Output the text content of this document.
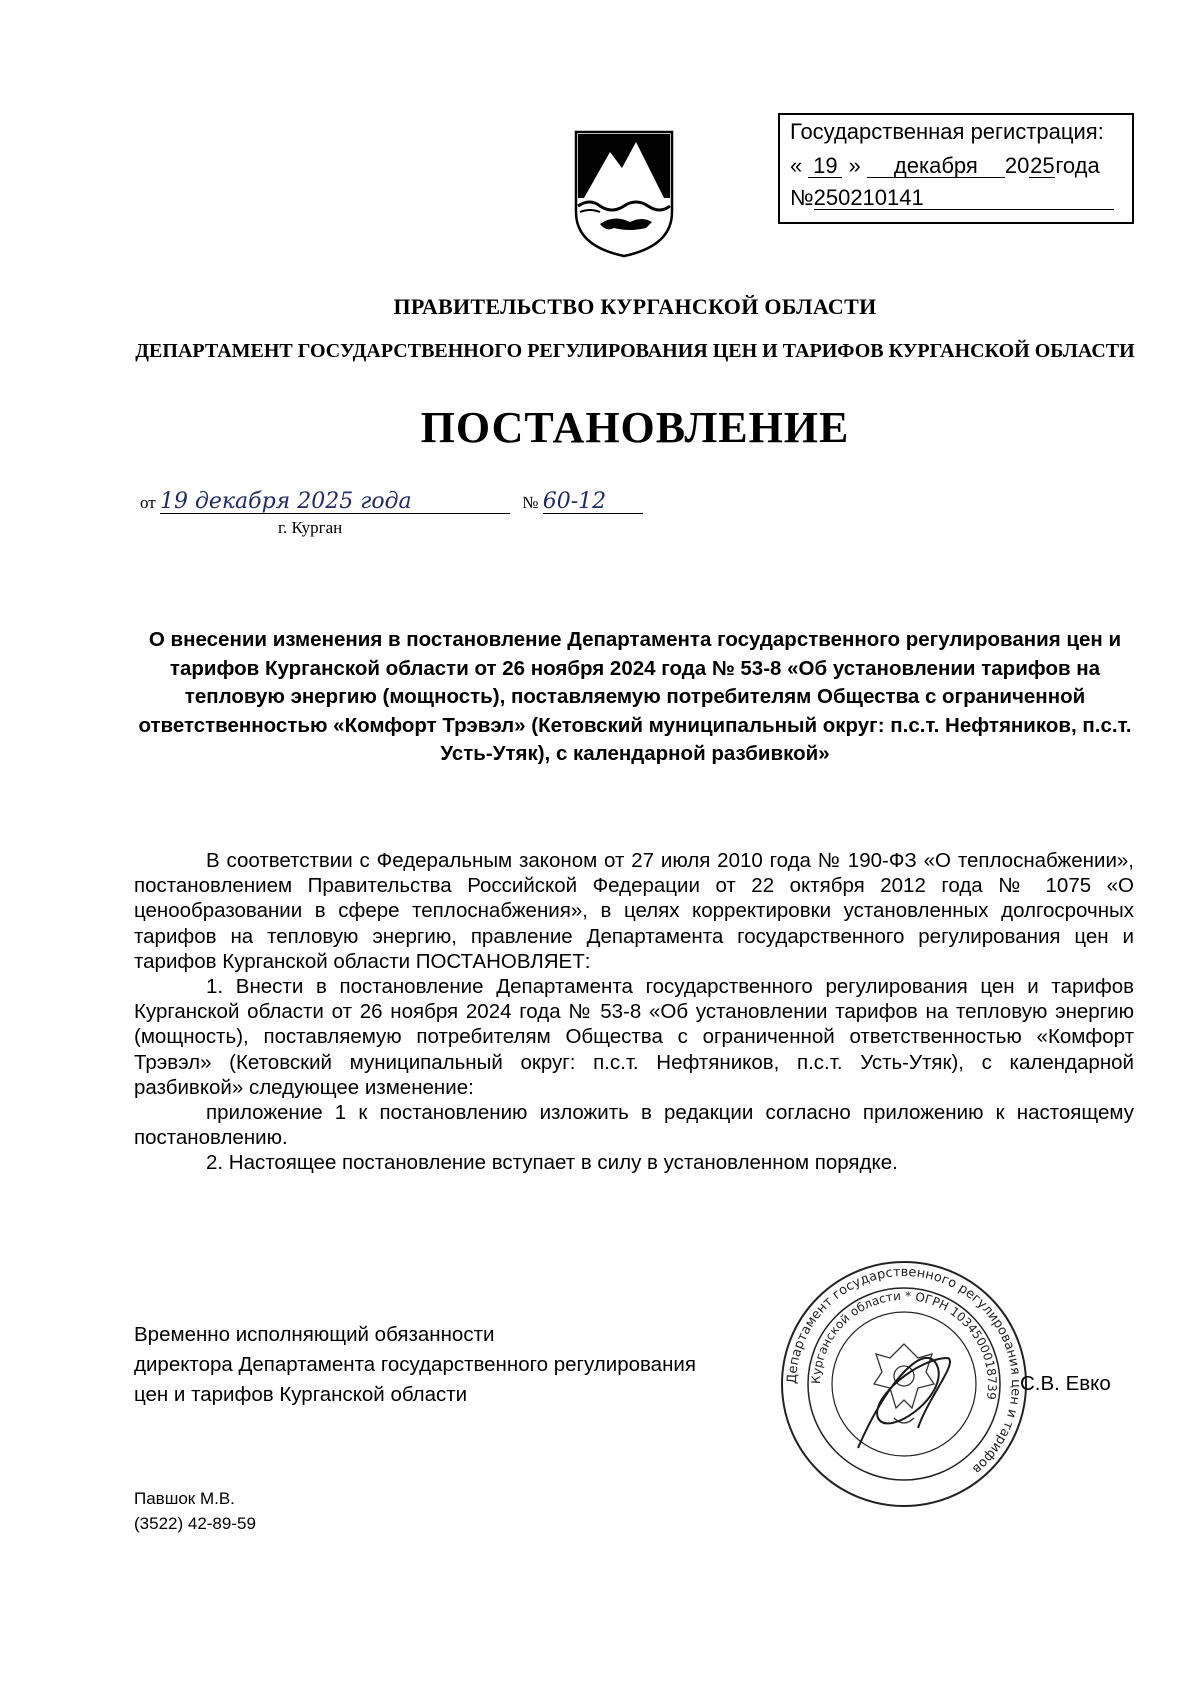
Государственная регистрация:
« 19 » декабря 2025года
№250210141
ПРАВИТЕЛЬСТВО КУРГАНСКОЙ ОБЛАСТИ
ДЕПАРТАМЕНТ ГОСУДАРСТВЕННОГО РЕГУЛИРОВАНИЯ ЦЕН И ТАРИФОВ КУРГАНСКОЙ ОБЛАСТИ
ПОСТАНОВЛЕНИЕ
от 19 декабря 2025 года	№ 60-12
г. Курган
О внесении изменения в постановление Департамента государственного регулирования цен и тарифов Курганской области от 26 ноября 2024 года № 53-8 «Об установлении тарифов на тепловую энергию (мощность), поставляемую потребителям Общества с ограниченной ответственностью «Комфорт Трэвэл» (Кетовский муниципальный округ: п.с.т. Нефтяников, п.с.т. Усть-Утяк), с календарной разбивкой»

В соответствии с Федеральным законом от 27 июля 2010 года № 190-ФЗ «О теплоснабжении», постановлением Правительства Российской Федерации от 22 октября 2012 года № 1075 «О ценообразовании в сфере теплоснабжения», в целях корректировки установленных долгосрочных тарифов на тепловую энергию, правление Департамента государственного регулирования цен и тарифов Курганской области ПОСТАНОВЛЯЕТ:

1. Внести в постановление Департамента государственного регулирования цен и тарифов Курганской области от 26 ноября 2024 года № 53-8 «Об установлении тарифов на тепловую энергию (мощность), поставляемую потребителям Общества с ограниченной ответственностью «Комфорт Трэвэл» (Кетовский муниципальный округ: п.с.т. Нефтяников, п.с.т. Усть-Утяк), с календарной разбивкой» следующее изменение:

приложение 1 к постановлению изложить в редакции согласно приложению к настоящему постановлению.

2. Настоящее постановление вступает в силу в установленном порядке.

Временно исполняющий обязанности
директора Департамента государственного регулирования
цен и тарифов Курганской области
Департамент государственного регулирования цен и тарифов
Курганской области * ОГРН 1034500018739
С.В. Евко
Павшок М.В.
(3522) 42-89-59
